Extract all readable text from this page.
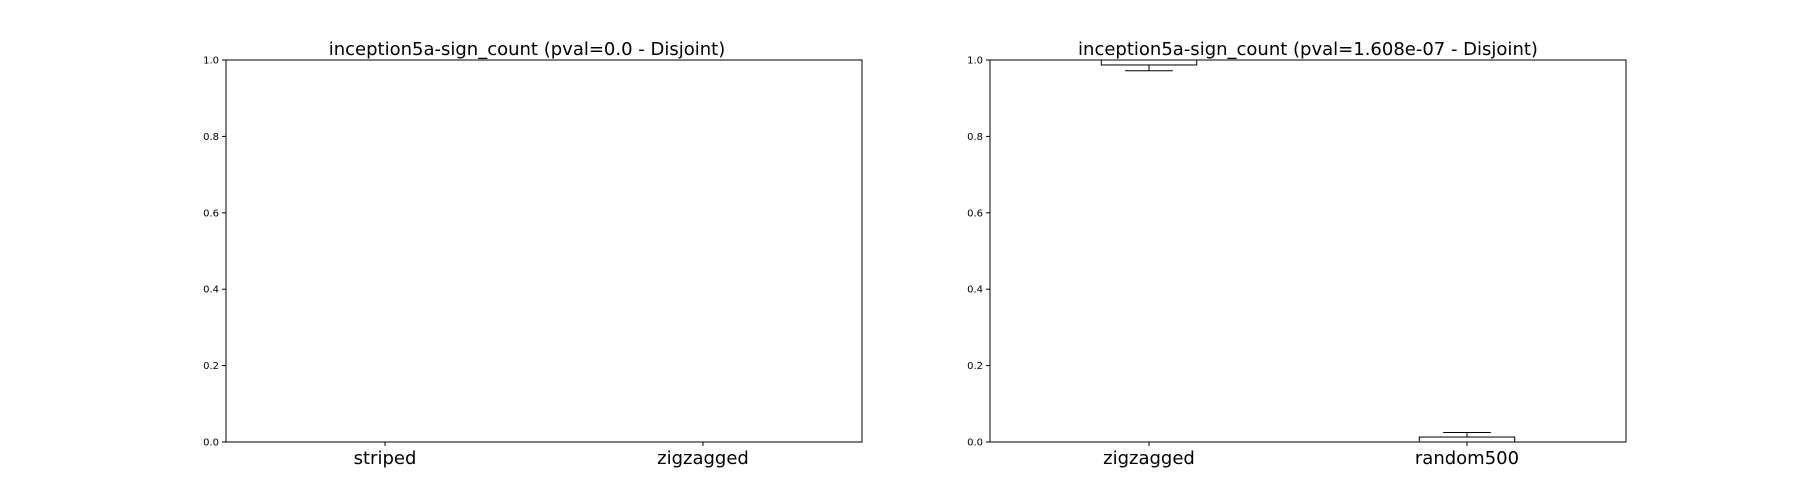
inception5a-sign_count (pval=0.0 - Disjoint)
0.0
0.2
0.4
0.6
0.8
1.0
striped	zigzagged
inception5a-sign_count (pval=1.608e-07 - Disjoint)
0.0
0.2
0.4
0.6
0.8
1.0
zigzagged	random500
